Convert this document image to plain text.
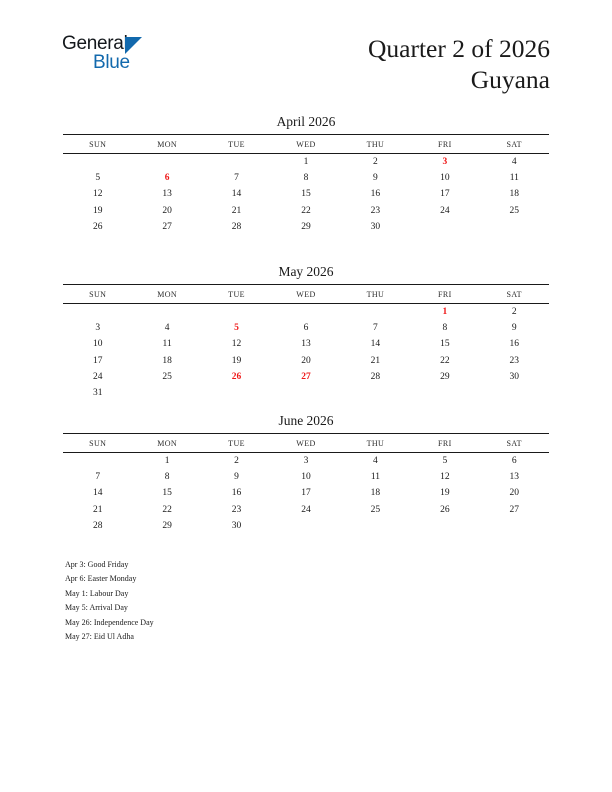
General
Blue	Quarter 2 of 2026
Guyana
April 2026
SUN	MON	TUE	WED	THU	FRI	SAT
			1	2	3	4
5	6	7	8	9	10	11
12	13	14	15	16	17	18
19	20	21	22	23	24	25
26	27	28	29	30		
May 2026
SUN	MON	TUE	WED	THU	FRI	SAT
					1	2
3	4	5	6	7	8	9
10	11	12	13	14	15	16
17	18	19	20	21	22	23
24	25	26	27	28	29	30
31						
June 2026
SUN	MON	TUE	WED	THU	FRI	SAT
	1	2	3	4	5	6
7	8	9	10	11	12	13
14	15	16	17	18	19	20
21	22	23	24	25	26	27
28	29	30				
Apr 3: Good Friday
Apr 6: Easter Monday
May 1: Labour Day
May 5: Arrival Day
May 26: Independence Day
May 27: Eid Ul Adha
